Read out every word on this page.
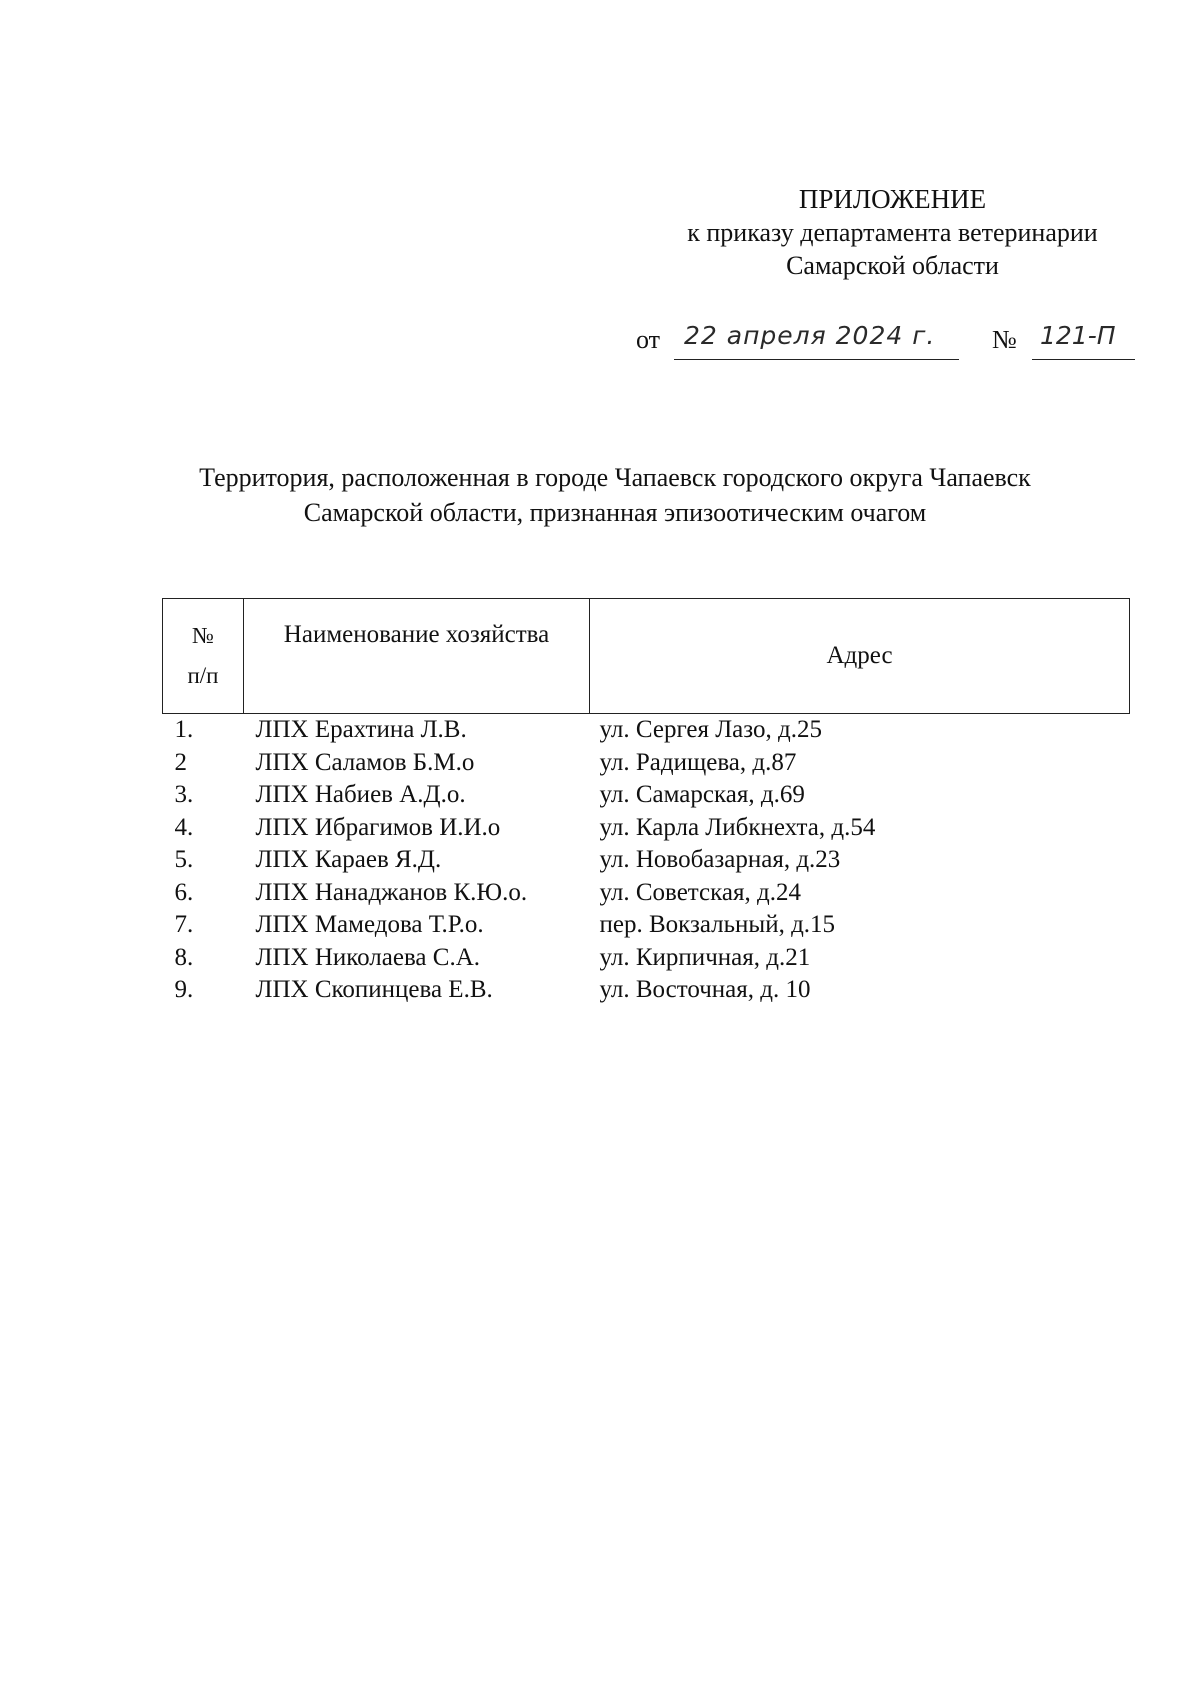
ПРИЛОЖЕНИЕ
к приказу департамента ветеринарии
Самарской области
от 22 апреля 2024 г. № 121-П
Территория, расположенная в городе Чапаевск городского округа Чапаевск
Самарской области, признанная эпизоотическим очагом
№
п/п	Наименование хозяйства	Адрес
1.	ЛПХ Ерахтина Л.В.	ул. Сергея Лазо, д.25
2	ЛПХ Саламов Б.М.о	ул. Радищева, д.87
3.	ЛПХ Набиев А.Д.о.	ул. Самарская, д.69
4.	ЛПХ Ибрагимов И.И.о	ул. Карла Либкнехта, д.54
5.	ЛПХ Караев Я.Д.	ул. Новобазарная, д.23
6.	ЛПХ Нанаджанов К.Ю.о.	ул. Советская, д.24
7.	ЛПХ Мамедова Т.Р.о.	пер. Вокзальный, д.15
8.	ЛПХ Николаева С.А.	ул. Кирпичная, д.21
9.	ЛПХ Скопинцева Е.В.	ул. Восточная, д. 10
